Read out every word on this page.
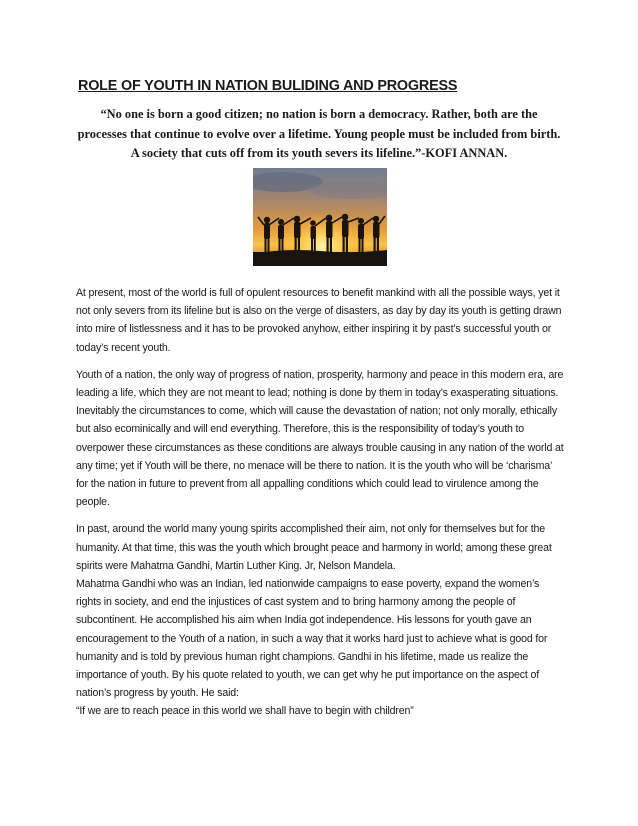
ROLE OF YOUTH IN NATION BULIDING AND PROGRESS
“No one is born a good citizen; no nation is born a democracy. Rather, both are the processes that continue to evolve over a lifetime. Young people must be included from birth. A society that cuts off from its youth severs its lifeline.”-KOFI ANNAN.

At present, most of the world is full of opulent resources to benefit mankind with all the possible ways, yet it not only severs from its lifeline but is also on the verge of disasters, as day by day its youth is getting drawn into mire of listlessness and it has to be provoked anyhow, either inspiring it by past’s successful youth or today’s recent youth.

Youth of a nation, the only way of progress of nation, prosperity, harmony and peace in this modern era, are leading a life, which they are not meant to lead; nothing is done by them in today’s exasperating situations. Inevitably the circumstances to come, which will cause the devastation of nation; not only morally, ethically but also ecominically and will end everything. Therefore, this is the responsibility of today’s youth to overpower these circumstances as these conditions are always trouble causing in any nation of the world at any time; yet if Youth will be there, no menace will be there to nation. It is the youth who will be ‘charisma’ for the nation in future to prevent from all appalling conditions which could lead to virulence among the people.

In past, around the world many young spirits accomplished their aim, not only for themselves but for the humanity. At that time, this was the youth which brought peace and harmony in world; among these great spirits were Mahatma Gandhi, Martin Luther King. Jr, Nelson Mandela.

Mahatma Gandhi who was an Indian, led nationwide campaigns to ease poverty, expand the women’s rights in society, and end the injustices of cast system and to bring harmony among the people of subcontinent. He accomplished his aim when India got independence. His lessons for youth gave an encouragement to the Youth of a nation, in such a way that it works hard just to achieve what is good for humanity and is told by previous human right champions. Gandhi in his lifetime, made us realize the importance of youth. By his quote related to youth, we can get why he put importance on the aspect of nation’s progress by youth. He said:

“If we are to reach peace in this world we shall have to begin with children”
